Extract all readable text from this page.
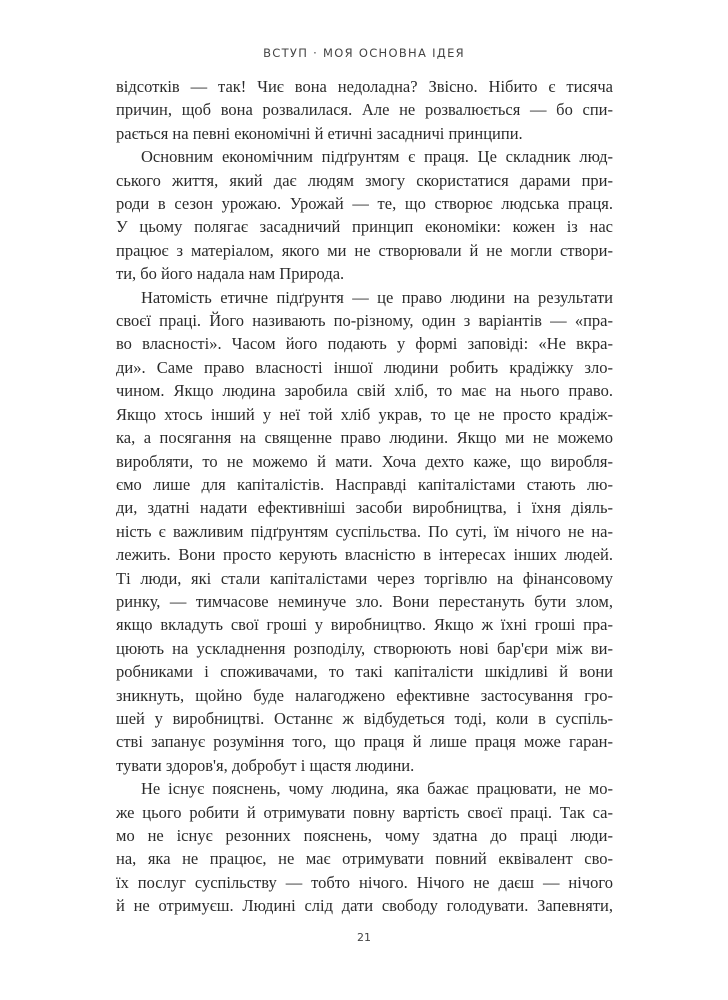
ВСТУП · МОЯ ОСНОВНА ІДЕЯ
відсотків — так! Чиє вона недоладна? Звісно. Нібито є тисяча
причин, щоб вона розвалилася. Але не розвалюється — бо спи-
рається на певні економічні й етичні засадничі принципи.
Основним економічним підґрунтям є праця. Це складник люд-
ського життя, який дає людям змогу скористатися дарами при-
роди в сезон урожаю. Урожай — те, що створює людська праця.
У цьому полягає засадничий принцип економіки: кожен із нас
працює з матеріалом, якого ми не створювали й не могли створи-
ти, бо його надала нам Природа.
Натомість етичне підґрунтя — це право людини на результати
своєї праці. Його називають по-різному, один з варіантів — «пра-
во власності». Часом його подають у формі заповіді: «Не вкра-
ди». Саме право власності іншої людини робить крадіжку зло-
чином. Якщо людина заробила свій хліб, то має на нього право.
Якщо хтось інший у неї той хліб украв, то це не просто крадіж-
ка, а посягання на священне право людини. Якщо ми не можемо
виробляти, то не можемо й мати. Хоча дехто каже, що виробля-
ємо лише для капіталістів. Насправді капіталістами стають лю-
ди, здатні надати ефективніші засоби виробництва, і їхня діяль-
ність є важливим підґрунтям суспільства. По суті, їм нічого не на-
лежить. Вони просто керують власністю в інтересах інших людей.
Ті люди, які стали капіталістами через торгівлю на фінансовому
ринку, — тимчасове неминуче зло. Вони перестануть бути злом,
якщо вкладуть свої гроші у виробництво. Якщо ж їхні гроші пра-
цюють на ускладнення розподілу, створюють нові бар'єри між ви-
робниками і споживачами, то такі капіталісти шкідливі й вони
зникнуть, щойно буде налагоджено ефективне застосування гро-
шей у виробництві. Останнє ж відбудеться тоді, коли в суспіль-
стві запанує розуміння того, що праця й лише праця може гаран-
тувати здоров'я, добробут і щастя людини.
Не існує пояснень, чому людина, яка бажає працювати, не мо-
же цього робити й отримувати повну вартість своєї праці. Так са-
мо не існує резонних пояснень, чому здатна до праці люди-
на, яка не працює, не має отримувати повний еквівалент сво-
їх послуг суспільству — тобто нічого. Нічого не даєш — нічого
й не отримуєш. Людині слід дати свободу голодувати. Запевняти,
21
